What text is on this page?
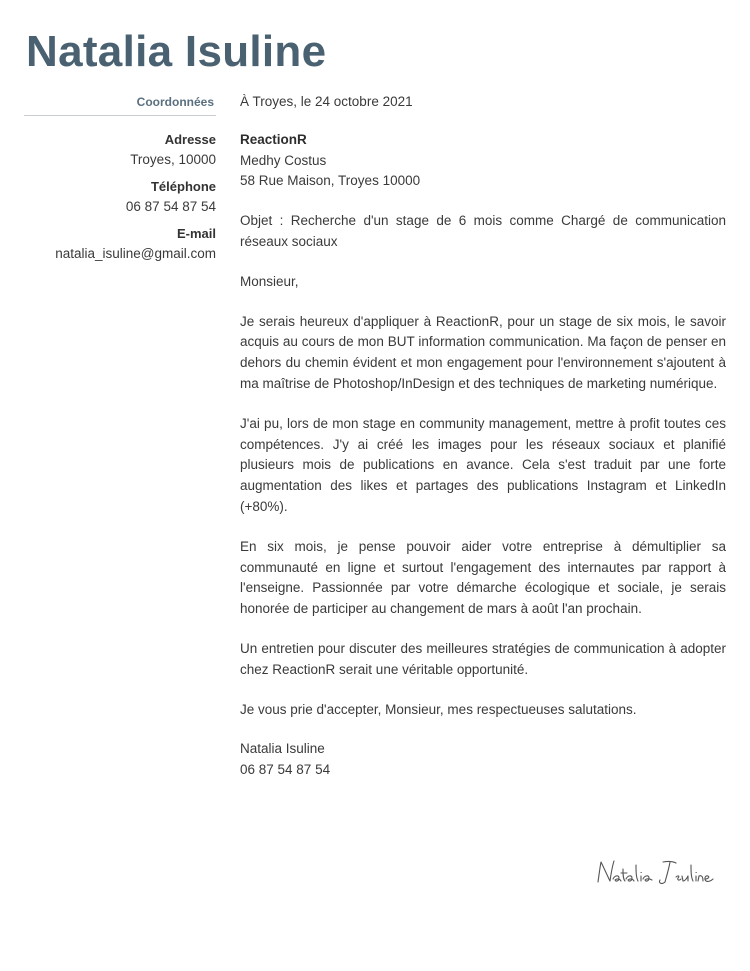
Natalia Isuline
Coordonnées
Adresse
Troyes, 10000
Téléphone
06 87 54 87 54
E-mail
natalia_isuline@gmail.com

À Troyes, le 24 octobre 2021

ReactionR

Medhy Costus

58 Rue Maison, Troyes 10000

Objet : Recherche d'un stage de 6 mois comme Chargé de communication réseaux sociaux

Monsieur,

Je serais heureux d'appliquer à ReactionR, pour un stage de six mois, le savoir acquis au cours de mon BUT information communication. Ma façon de penser en dehors du chemin évident et mon engagement pour l'environnement s'ajoutent à ma maîtrise de Photoshop/InDesign et des techniques de marketing numérique.

J'ai pu, lors de mon stage en community management, mettre à profit toutes ces compétences. J'y ai créé les images pour les réseaux sociaux et planifié plusieurs mois de publications en avance. Cela s'est traduit par une forte augmentation des likes et partages des publications Instagram et LinkedIn (+80%).

En six mois, je pense pouvoir aider votre entreprise à démultiplier sa communauté en ligne et surtout l'engagement des internautes par rapport à l'enseigne. Passionnée par votre démarche écologique et sociale, je serais honorée de participer au changement de mars à août l'an prochain.

Un entretien pour discuter des meilleures stratégies de communication à adopter chez ReactionR serait une véritable opportunité.

Je vous prie d'accepter, Monsieur, mes respectueuses salutations.

Natalia Isuline

06 87 54 87 54
